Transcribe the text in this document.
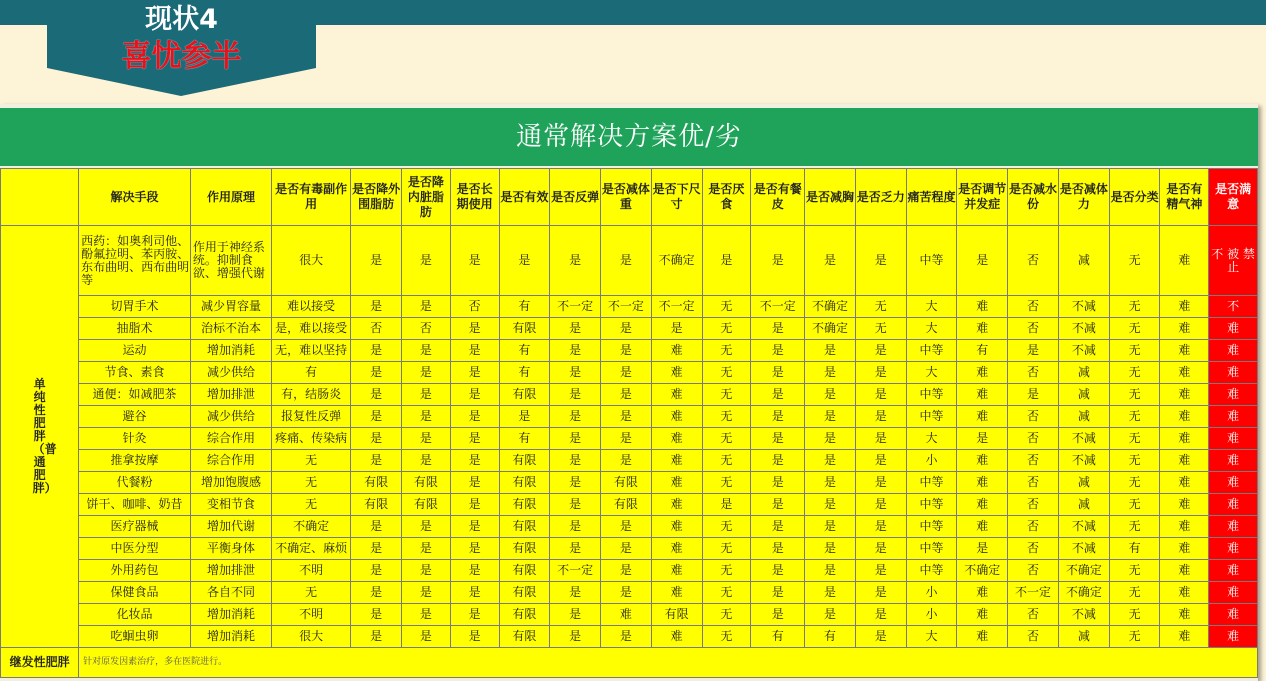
现状4
喜忧参半
通常解决方案优/劣
	解决手段	作用原理	是否有毒副作用	是否降外围脂肪	是否降内脏脂肪	是否长期使用	是否有效	是否反弹	是否减体重	是否下尺寸	是否厌食	是否有餐皮	是否减胸	是否乏力	痛苦程度	是否调节并发症	是否减水份	是否减体力	是否分类	是否有精气神	是否满意
单纯性肥胖（普通肥胖）	西药：如奥利司他、酚氟拉明、苯丙胺、东布曲明、西布曲明等	作用于神经系统。抑制食欲、增强代谢	很大	是	是	是	是	是	是	不确定	是	是	是	是	中等	是	否	减	无	难	不 被 禁止
	切胃手术	减少胃容量	难以接受	是	是	否	有	不一定	不一定	不一定	无	不一定	不确定	无	大	难	否	不减	无	难	不
	抽脂术	治标不治本	是，难以接受	否	否	是	有限	是	是	是	无	是	不确定	无	大	难	否	不减	无	难	难
	运动	增加消耗	无，难以坚持	是	是	是	有	是	是	难	无	是	是	是	中等	有	是	不减	无	难	难
	节食、素食	减少供给	有	是	是	是	有	是	是	难	无	是	是	是	大	难	否	减	无	难	难
	通便：如减肥茶	增加排泄	有，结肠炎	是	是	是	有限	是	是	难	无	是	是	是	中等	难	是	减	无	难	难
	避谷	减少供给	报复性反弹	是	是	是	是	是	是	难	无	是	是	是	中等	难	否	减	无	难	难
	针灸	综合作用	疼痛、传染病	是	是	是	有	是	是	难	无	是	是	是	大	是	否	不减	无	难	难
	推拿按摩	综合作用	无	是	是	是	有限	是	是	难	无	是	是	是	小	难	否	不减	无	难	难
	代餐粉	增加饱腹感	无	有限	有限	是	有限	是	有限	难	无	是	是	是	中等	难	否	减	无	难	难
	饼干、咖啡、奶昔	变相节食	无	有限	有限	是	有限	是	有限	难	是	是	是	是	中等	难	否	减	无	难	难
	医疗器械	增加代谢	不确定	是	是	是	有限	是	是	难	无	是	是	是	中等	难	否	不减	无	难	难
	中医分型	平衡身体	不确定、麻烦	是	是	是	有限	是	是	难	无	是	是	是	中等	是	否	不减	有	难	难
	外用药包	增加排泄	不明	是	是	是	有限	不一定	是	难	无	是	是	是	中等	不确定	否	不确定	无	难	难
	保健食品	各自不同	无	是	是	是	有限	是	是	难	无	是	是	是	小	难	不一定	不确定	无	难	难
	化妆品	增加消耗	不明	是	是	是	有限	是	难	有限	无	是	是	是	小	难	否	不减	无	难	难
	吃蛔虫卵	增加消耗	很大	是	是	是	有限	是	是	难	无	有	有	是	大	难	否	减	无	难	难
继发性肥胖	针对原发因素治疗，多在医院进行。																				
